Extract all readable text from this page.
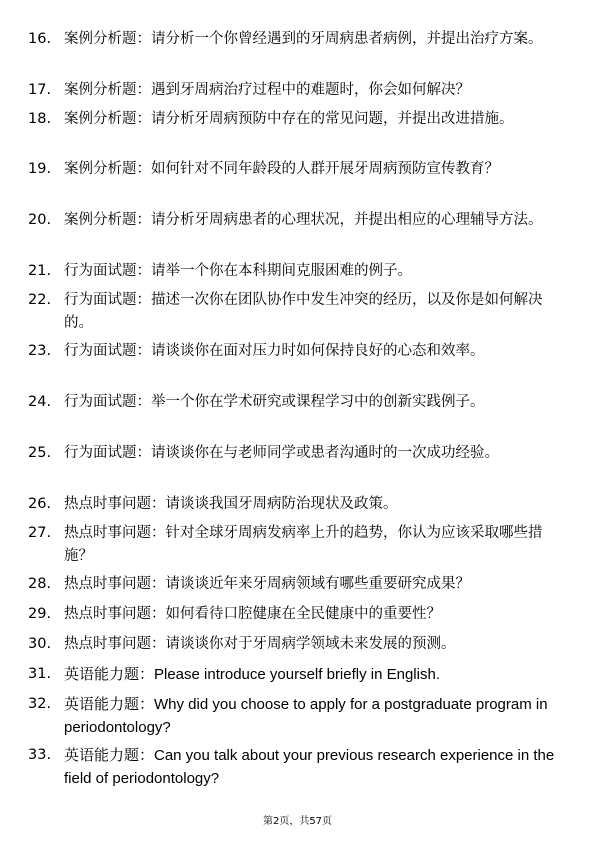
16. 案例分析题：请分析一个你曾经遇到的牙周病患者病例，并提出治疗方案。
17. 案例分析题：遇到牙周病治疗过程中的难题时，你会如何解决？
18. 案例分析题：请分析牙周病预防中存在的常见问题，并提出改进措施。
19. 案例分析题：如何针对不同年龄段的人群开展牙周病预防宣传教育？
20. 案例分析题：请分析牙周病患者的心理状况，并提出相应的心理辅导方法。
21. 行为面试题：请举一个你在本科期间克服困难的例子。
22. 行为面试题：描述一次你在团队协作中发生冲突的经历，以及你是如何解决的。
23. 行为面试题：请谈谈你在面对压力时如何保持良好的心态和效率。
24. 行为面试题：举一个你在学术研究或课程学习中的创新实践例子。
25. 行为面试题：请谈谈你在与老师同学或患者沟通时的一次成功经验。
26. 热点时事问题：请谈谈我国牙周病防治现状及政策。
27. 热点时事问题：针对全球牙周病发病率上升的趋势，你认为应该采取哪些措施？
28. 热点时事问题：请谈谈近年来牙周病领域有哪些重要研究成果？
29. 热点时事问题：如何看待口腔健康在全民健康中的重要性？
30. 热点时事问题：请谈谈你对于牙周病学领域未来发展的预测。
31. 英语能力题：Please introduce yourself briefly in English.
32. 英语能力题：Why did you choose to apply for a postgraduate program in periodontology?
33. 英语能力题：Can you talk about your previous research experience in the field of periodontology?
第2页，共57页
